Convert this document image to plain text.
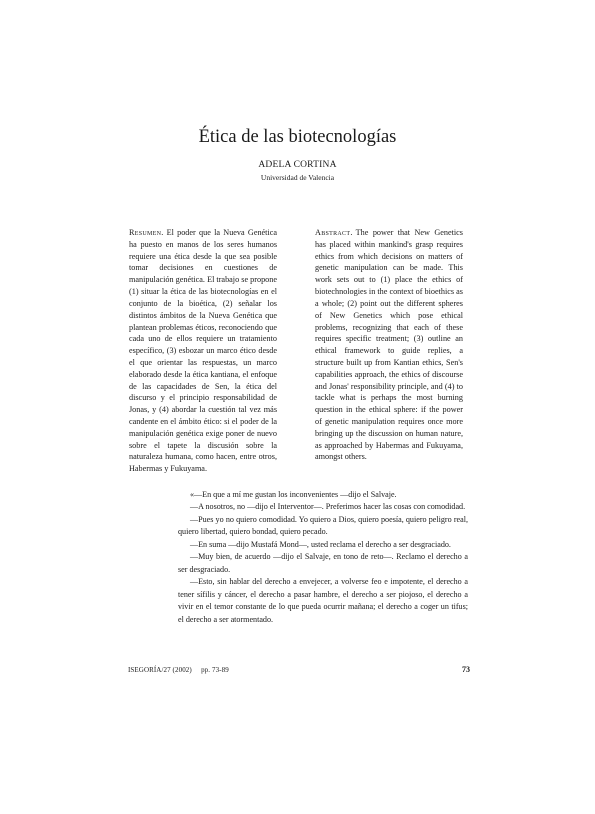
Ética de las biotecnologías
ADELA CORTINA
Universidad de Valencia

Resumen. El poder que la Nueva Genética ha puesto en manos de los seres humanos requiere una ética desde la que sea posible tomar decisiones en cuestiones de manipulación genética. El trabajo se propone (1) situar la ética de las biotecnologías en el conjunto de la bioética, (2) señalar los distintos ámbitos de la Nueva Genética que plantean problemas éticos, reconociendo que cada uno de ellos requiere un tratamiento específico, (3) esbozar un marco ético desde el que orientar las respuestas, un marco elaborado desde la ética kantiana, el enfoque de las capacidades de Sen, la ética del discurso y el principio responsabilidad de Jonas, y (4) abordar la cuestión tal vez más candente en el ámbito ético: si el poder de la manipulación genética exige poner de nuevo sobre el tapete la discusión sobre la naturaleza humana, como hacen, entre otros, Habermas y Fukuyama.

Abstract. The power that New Genetics has placed within mankind's grasp requires ethics from which decisions on matters of genetic manipulation can be made. This work sets out to (1) place the ethics of biotechnologies in the context of bioethics as a whole; (2) point out the different spheres of New Genetics which pose ethical problems, recognizing that each of these requires specific treatment; (3) outline an ethical framework to guide replies, a structure built up from Kantian ethics, Sen's capabilities approach, the ethics of discourse and Jonas' responsibility principle, and (4) to tackle what is perhaps the most burning question in the ethical sphere: if the power of genetic manipulation requires once more bringing up the discussion on human nature, as approached by Habermas and Fukuyama, amongst others.

«—En que a mí me gustan los inconvenientes —dijo el Salvaje.

—A nosotros, no —dijo el Interventor—. Preferimos hacer las cosas con comodidad.

—Pues yo no quiero comodidad. Yo quiero a Dios, quiero poesía, quiero peligro real, quiero libertad, quiero bondad, quiero pecado.

—En suma —dijo Mustafá Mond—, usted reclama el derecho a ser desgraciado.

—Muy bien, de acuerdo —dijo el Salvaje, en tono de reto—. Reclamo el derecho a ser desgraciado.

—Esto, sin hablar del derecho a envejecer, a volverse feo e impotente, el derecho a tener sífilis y cáncer, el derecho a pasar hambre, el derecho a ser piojoso, el derecho a vivir en el temor constante de lo que pueda ocurrir mañana; el derecho a coger un tifus; el derecho a ser atormentado.

ISEGORÍA/27 (2002)     pp. 73-89	73
